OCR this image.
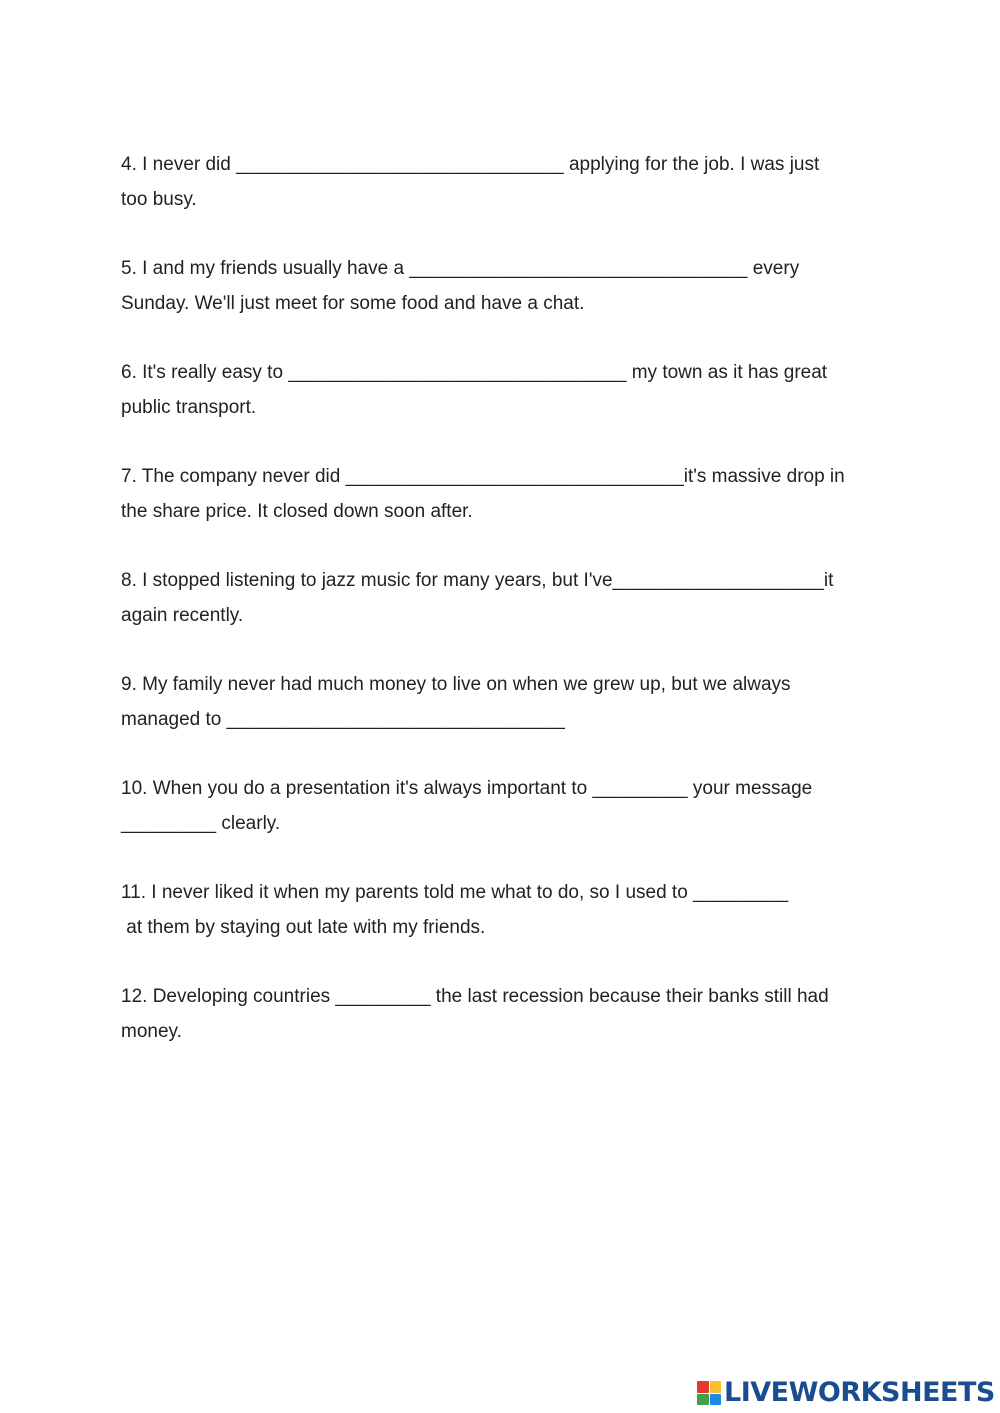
4. I never did _______________________________ applying for the job. I was just
too busy.
5. I and my friends usually have a ________________________________ every
Sunday. We'll just meet for some food and have a chat.
6. It's really easy to ________________________________ my town as it has great
public transport.
7. The company never did ________________________________it's massive drop in
the share price. It closed down soon after.
8. I stopped listening to jazz music for many years, but I've____________________it
again recently.
9. My family never had much money to live on when we grew up, but we always
managed to ________________________________
10. When you do a presentation it's always important to _________ your message
_________ clearly.
11. I never liked it when my parents told me what to do, so I used to _________
at them by staying out late with my friends.
12. Developing countries _________ the last recession because their banks still had
money.
LIVEWORKSHEETS
